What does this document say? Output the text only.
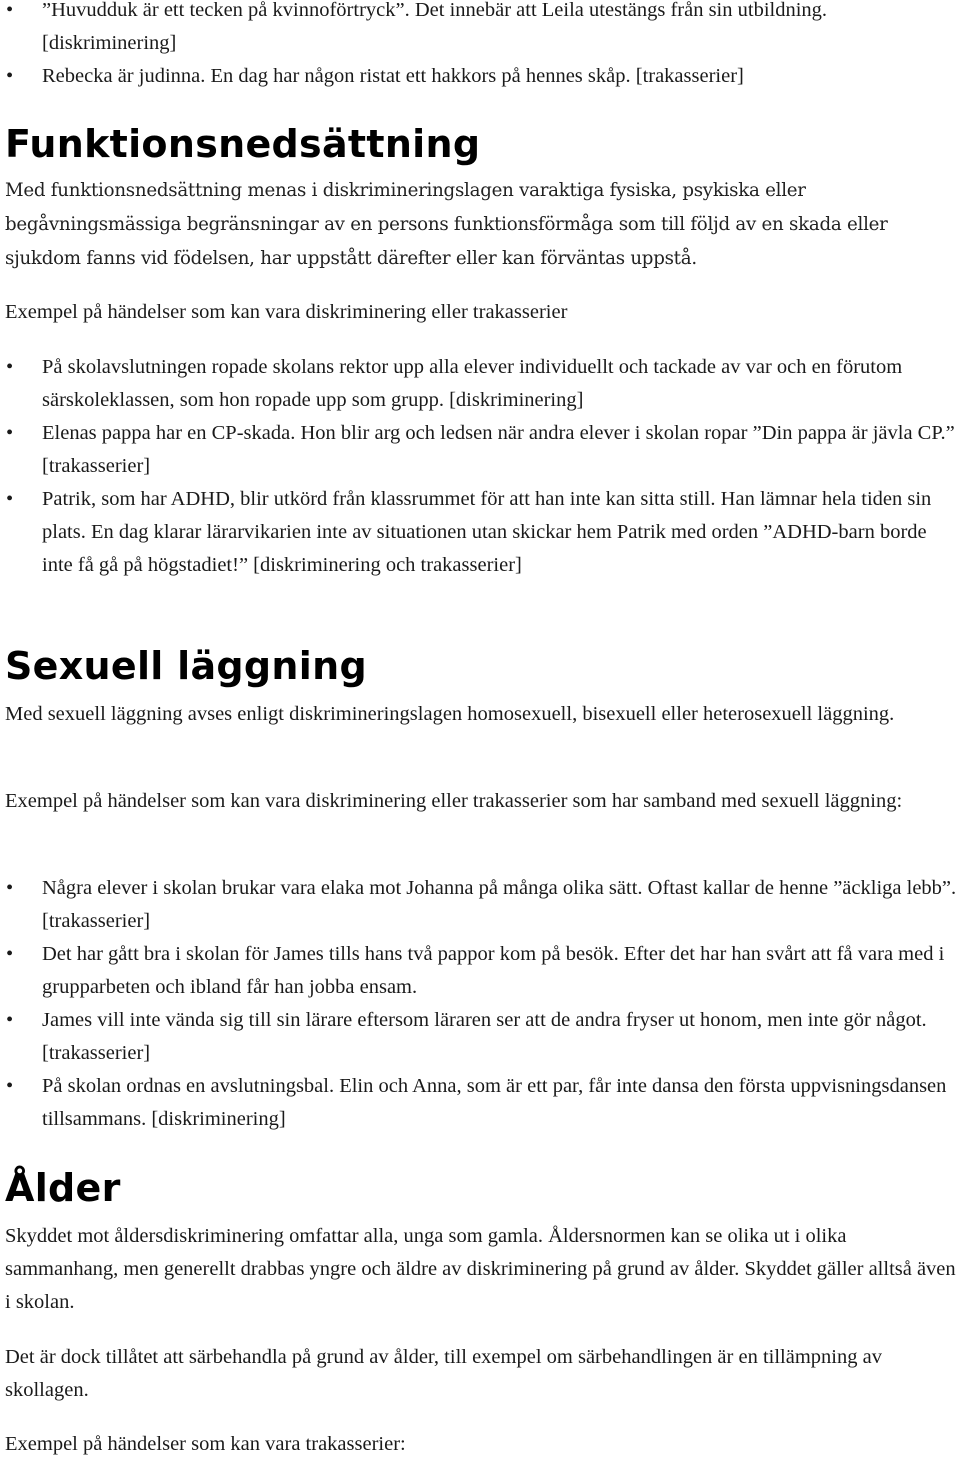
•	”Huvudduk är ett tecken på kvinnoförtryck”. Det innebär att Leila utestängs från sin utbildning. [diskriminering]
•	Rebecka är judinna. En dag har någon ristat ett hakkors på hennes skåp. [trakasserier]
Funktionsnedsättning

Med funktionsnedsättning menas i diskrimineringslagen varaktiga fysiska, psykiska eller begåvningsmässiga begränsningar av en persons funktionsförmåga som till följd av en skada eller sjukdom fanns vid födelsen, har uppstått därefter eller kan förväntas uppstå.

Exempel på händelser som kan vara diskriminering eller trakasserier

•	På skolavslutningen ropade skolans rektor upp alla elever individuellt och tackade av var och en förutom särskoleklassen, som hon ropade upp som grupp. [diskriminering]
•	Elenas pappa har en CP-skada. Hon blir arg och ledsen när andra elever i skolan ropar ”Din pappa är jävla CP.” [trakasserier]
•	Patrik, som har ADHD, blir utkörd från klassrummet för att han inte kan sitta still. Han lämnar hela tiden sin plats. En dag klarar lärarvikarien inte av situationen utan skickar hem Patrik med orden ”ADHD-barn borde inte få gå på högstadiet!” [diskriminering och trakasserier]
Sexuell läggning

Med sexuell läggning avses enligt diskrimineringslagen homosexuell, bisexuell eller heterosexuell läggning.

Exempel på händelser som kan vara diskriminering eller trakasserier som har samband med sexuell läggning:

•	Några elever i skolan brukar vara elaka mot Johanna på många olika sätt. Oftast kallar de henne ”äckliga lebb”. [trakasserier]
•	Det har gått bra i skolan för James tills hans två pappor kom på besök. Efter det har han svårt att få vara med i grupparbeten och ibland får han jobba ensam.
•	James vill inte vända sig till sin lärare eftersom läraren ser att de andra fryser ut honom, men inte gör något. [trakasserier]
•	På skolan ordnas en avslutningsbal. Elin och Anna, som är ett par, får inte dansa den första uppvisningsdansen tillsammans. [diskriminering]
Ålder

Skyddet mot åldersdiskriminering omfattar alla, unga som gamla. Åldersnormen kan se olika ut i olika sammanhang, men generellt drabbas yngre och äldre av diskriminering på grund av ålder. Skyddet gäller alltså även i skolan.

Det är dock tillåtet att särbehandla på grund av ålder, till exempel om särbehandlingen är en tillämpning av skollagen.

Exempel på händelser som kan vara trakasserier:
